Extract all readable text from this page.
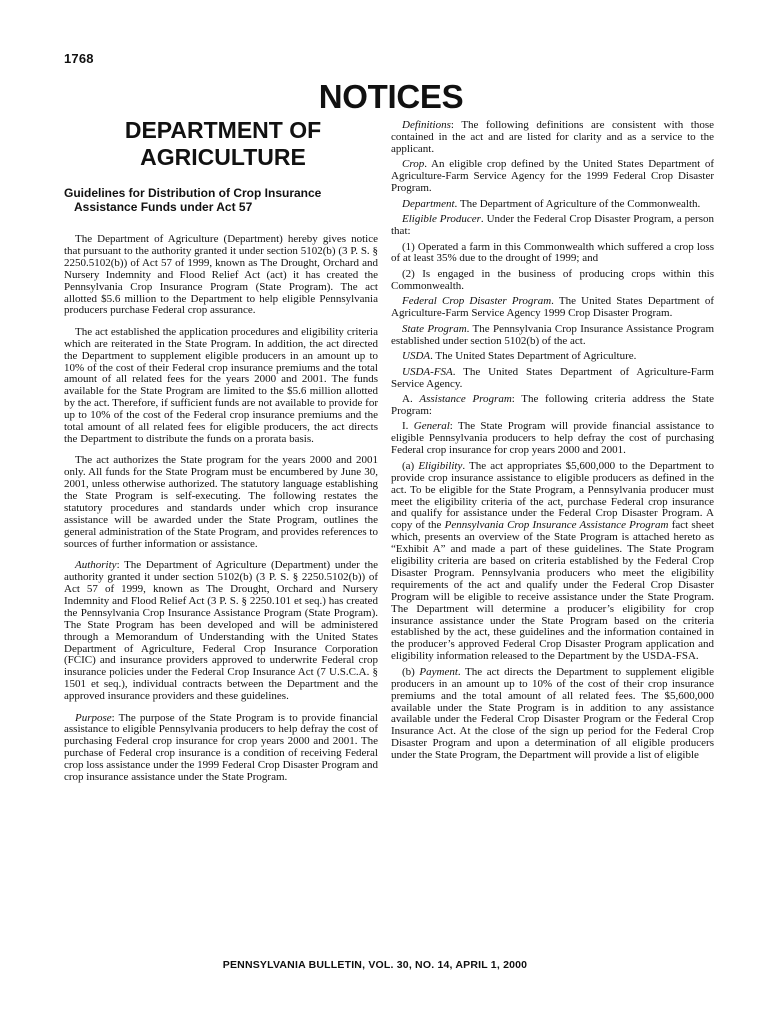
1768
NOTICES
DEPARTMENT OF AGRICULTURE
Guidelines for Distribution of Crop Insurance Assistance Funds under Act 57

The Department of Agriculture (Department) hereby gives notice that pursuant to the authority granted it under section 5102(b) (3 P. S. § 2250.5102(b)) of Act 57 of 1999, known as The Drought, Orchard and Nursery Indemnity and Flood Relief Act (act) it has created the Pennsylvania Crop Insurance Program (State Program). The act allotted $5.6 million to the Department to help eligible Pennsylvania producers purchase Federal crop assurance.

The act established the application procedures and eligibility criteria which are reiterated in the State Program. In addition, the act directed the Department to supplement eligible producers in an amount up to 10% of the cost of their Federal crop insurance premiums and the total amount of all related fees for the years 2000 and 2001. The funds available for the State Program are limited to the $5.6 million allotted by the act. Therefore, if sufficient funds are not available to provide for up to 10% of the cost of the Federal crop insurance premiums and the total amount of all related fees for eligible producers, the act directs the Department to distribute the funds on a prorata basis.

The act authorizes the State program for the years 2000 and 2001 only. All funds for the State Program must be encumbered by June 30, 2001, unless otherwise authorized. The statutory language establishing the State Program is self-executing. The following restates the statutory procedures and standards under which crop insurance assistance will be awarded under the State Program, outlines the general administration of the State Program, and provides references to sources of further information or assistance.

Authority: The Department of Agriculture (Department) under the authority granted it under section 5102(b) (3 P. S. § 2250.5102(b)) of Act 57 of 1999, known as The Drought, Orchard and Nursery Indemnity and Flood Relief Act (3 P. S. § 2250.101 et seq.) has created the Pennsylvania Crop Insurance Assistance Program (State Program). The State Program has been developed and will be administered through a Memorandum of Understanding with the United States Department of Agriculture, Federal Crop Insurance Corporation (FCIC) and insurance providers approved to underwrite Federal crop insurance policies under the Federal Crop Insurance Act (7 U.S.C.A. § 1501 et seq.), individual contracts between the Department and the approved insurance providers and these guidelines.

Purpose: The purpose of the State Program is to provide financial assistance to eligible Pennsylvania producers to help defray the cost of purchasing Federal crop insurance for crop years 2000 and 2001. The purchase of Federal crop insurance is a condition of receiving Federal crop loss assistance under the 1999 Federal Crop Disaster Program and crop insurance assistance under the State Program.

Definitions: The following definitions are consistent with those contained in the act and are listed for clarity and as a service to the applicant.

Crop. An eligible crop defined by the United States Department of Agriculture-Farm Service Agency for the 1999 Federal Crop Disaster Program.

Department. The Department of Agriculture of the Commonwealth.

Eligible Producer. Under the Federal Crop Disaster Program, a person that:

(1) Operated a farm in this Commonwealth which suffered a crop loss of at least 35% due to the drought of 1999; and

(2) Is engaged in the business of producing crops within this Commonwealth.

Federal Crop Disaster Program. The United States Department of Agriculture-Farm Service Agency 1999 Crop Disaster Program.

State Program. The Pennsylvania Crop Insurance Assistance Program established under section 5102(b) of the act.

USDA. The United States Department of Agriculture.

USDA-FSA. The United States Department of Agriculture-Farm Service Agency.

A. Assistance Program: The following criteria address the State Program:

I. General: The State Program will provide financial assistance to eligible Pennsylvania producers to help defray the cost of purchasing Federal crop insurance for crop years 2000 and 2001.

(a) Eligibility. The act appropriates $5,600,000 to the Department to provide crop insurance assistance to eligible producers as defined in the act. To be eligible for the State Program, a Pennsylvania producer must meet the eligibility criteria of the act, purchase Federal crop insurance and qualify for assistance under the Federal Crop Disaster Program. A copy of the Pennsylvania Crop Insurance Assistance Program fact sheet which, presents an overview of the State Program is attached hereto as “Exhibit A” and made a part of these guidelines. The State Program eligibility criteria are based on criteria established by the Federal Crop Disaster Program. Pennsylvania producers who meet the eligibility requirements of the act and qualify under the Federal Crop Disaster Program will be eligible to receive assistance under the State Program. The Department will determine a producer’s eligibility for crop insurance assistance under the State Program based on the criteria established by the act, these guidelines and the information contained in the producer’s approved Federal Crop Disaster Program application and eligibility information released to the Department by the USDA-FSA.

(b) Payment. The act directs the Department to supplement eligible producers in an amount up to 10% of the cost of their crop insurance premiums and the total amount of all related fees. The $5,600,000 available under the State Program is in addition to any assistance available under the Federal Crop Disaster Program or the Federal Crop Insurance Act. At the close of the sign up period for the Federal Crop Disaster Program and upon a determination of all eligible producers under the State Program, the Department will provide a list of eligible

PENNSYLVANIA BULLETIN, VOL. 30, NO. 14, APRIL 1, 2000
